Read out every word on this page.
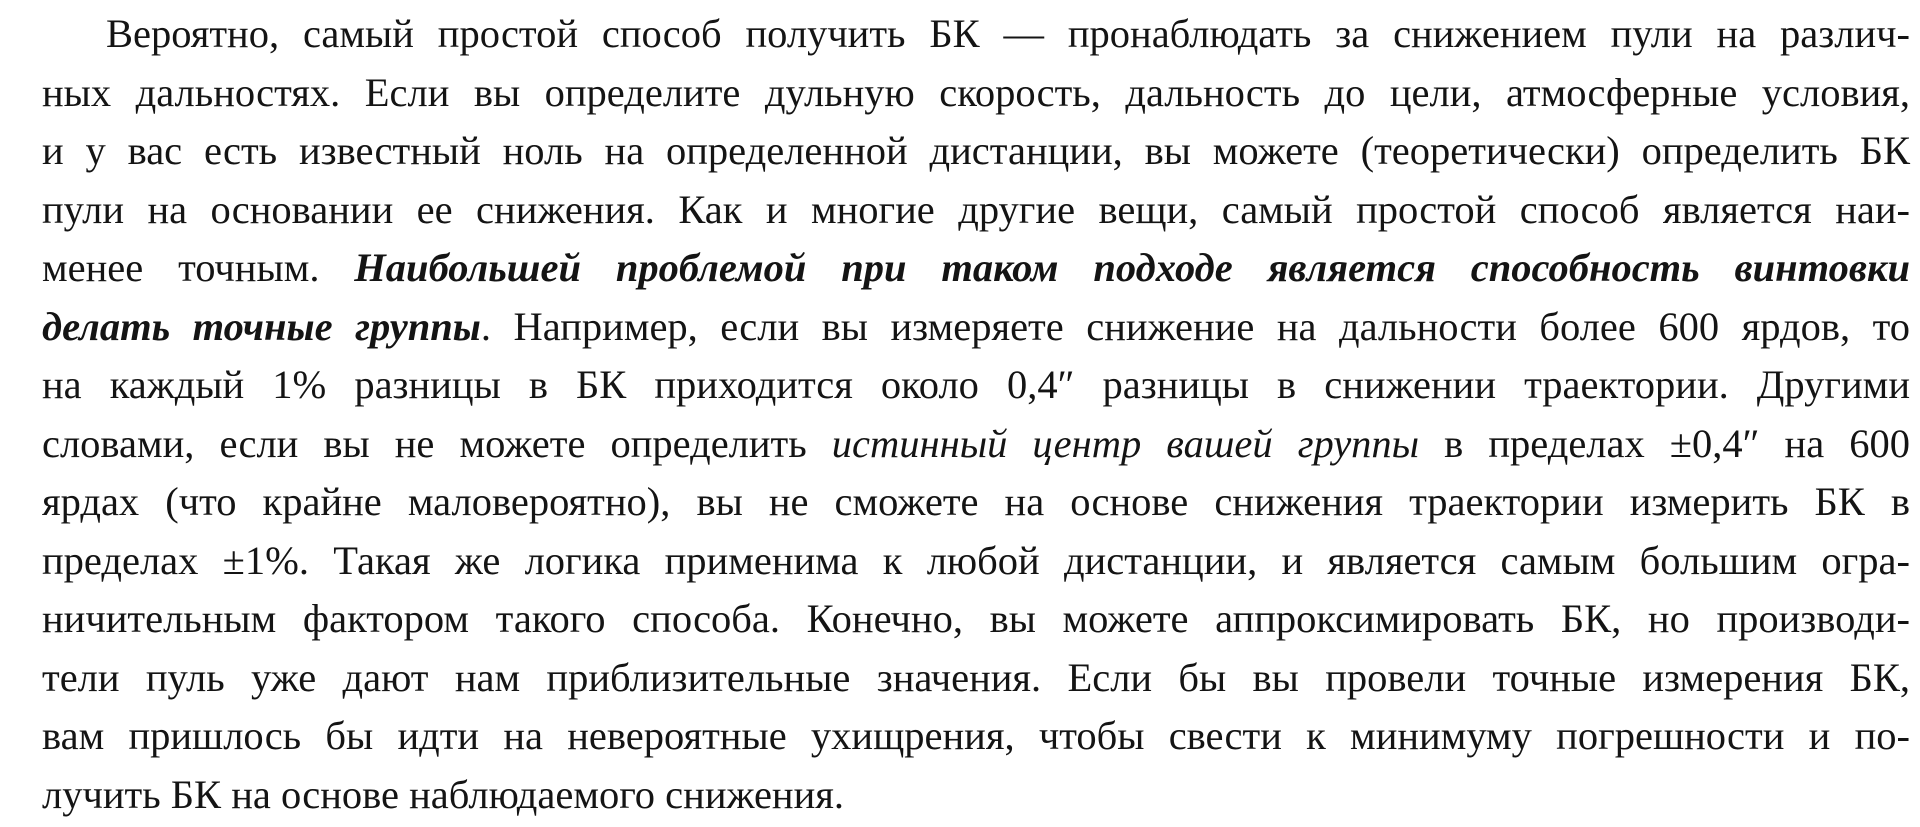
Вероятно, самый простой способ получить БК — пронаблюдать за снижением пули на различ-
ных дальностях. Если вы определите дульную скорость, дальность до цели, атмосферные условия,
и у вас есть известный ноль на определенной дистанции, вы можете (теоретически) определить БК
пули на основании ее снижения. Как и многие другие вещи, самый простой способ является наи-
менее точным. Наибольшей проблемой при таком подходе является способность винтовки
делать точные группы. Например, если вы измеряете снижение на дальности более 600 ярдов, то
на каждый 1% разницы в БК приходится около 0,4″ разницы в снижении траектории. Другими
словами, если вы не можете определить истинный центр вашей группы в пределах ±0,4″ на 600
ярдах (что крайне маловероятно), вы не сможете на основе снижения траектории измерить БК в
пределах ±1%. Такая же логика применима к любой дистанции, и является самым большим огра-
ничительным фактором такого способа. Конечно, вы можете аппроксимировать БК, но производи-
тели пуль уже дают нам приблизительные значения. Если бы вы провели точные измерения БК,
вам пришлось бы идти на невероятные ухищрения, чтобы свести к минимуму погрешности и по-
лучить БК на основе наблюдаемого снижения.
